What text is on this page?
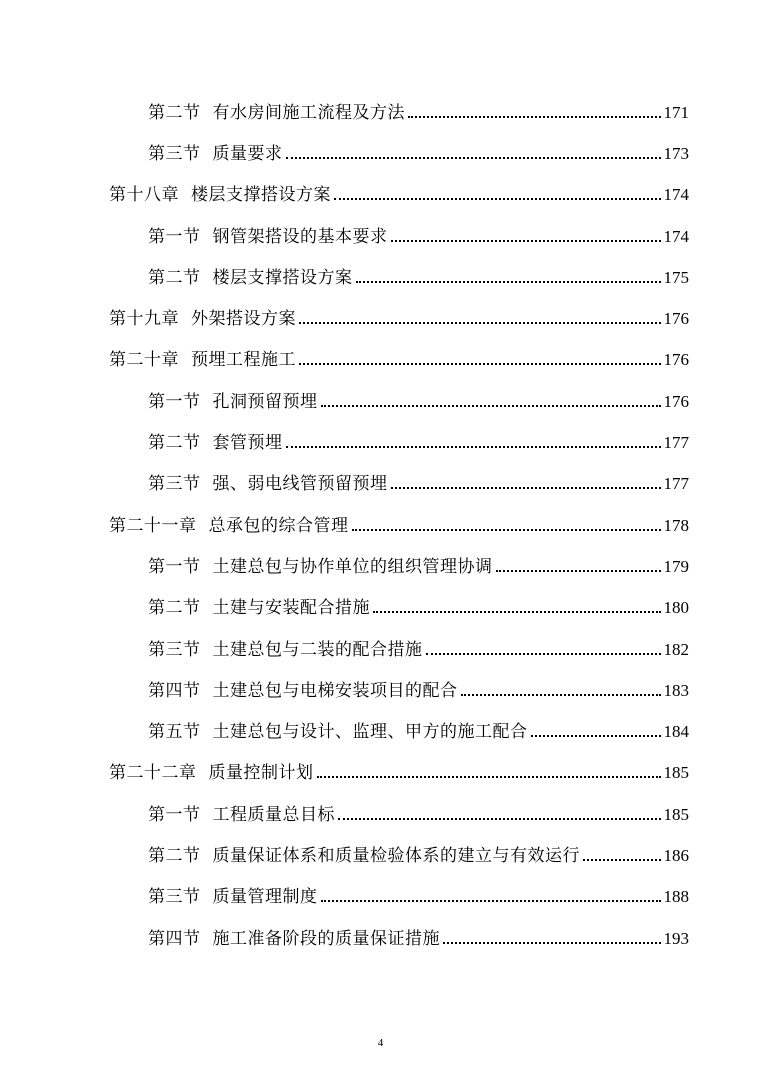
第二节 有水房间施工流程及方法	171
第三节 质量要求	173
第十八章 楼层支撑搭设方案	174
第一节 钢管架搭设的基本要求	174
第二节 楼层支撑搭设方案	175
第十九章 外架搭设方案	176
第二十章 预埋工程施工	176
第一节 孔洞预留预埋	176
第二节 套管预埋	177
第三节 强、弱电线管预留预埋	177
第二十一章 总承包的综合管理	178
第一节 土建总包与协作单位的组织管理协调	179
第二节 土建与安装配合措施	180
第三节 土建总包与二装的配合措施	182
第四节 土建总包与电梯安装项目的配合	183
第五节 土建总包与设计、监理、甲方的施工配合	184
第二十二章 质量控制计划	185
第一节 工程质量总目标	185
第二节 质量保证体系和质量检验体系的建立与有效运行	186
第三节 质量管理制度	188
第四节 施工准备阶段的质量保证措施	193
4
